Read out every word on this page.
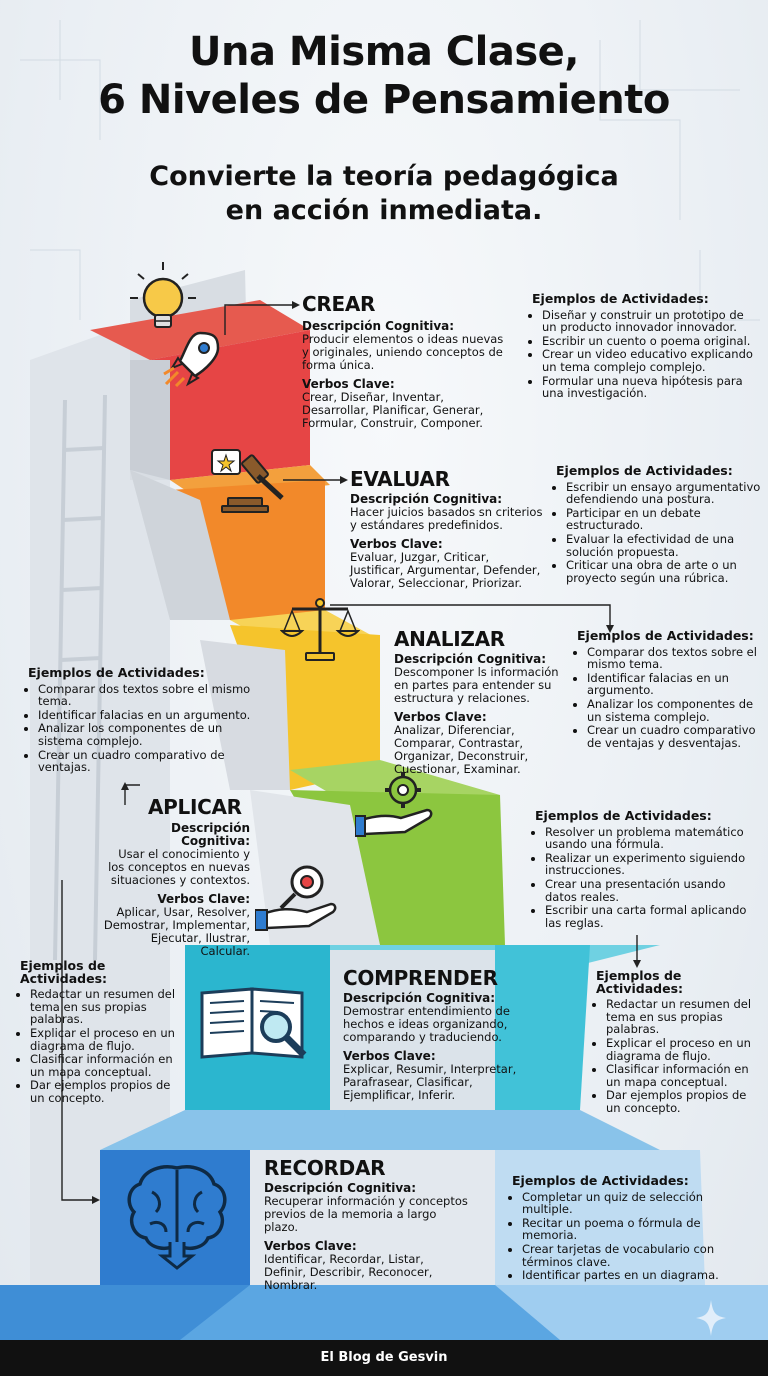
Una Misma Clase,
6 Niveles de Pensamiento
Convierte la teoría pedagógica
en acción inmediata.
CREAR
Descripción Cognitiva:
Producir elementos o ideas nuevas y originales, uniendo conceptos de forma única.
Verbos Clave:
Crear, Diseñar, Inventar, Desarrollar, Planificar, Generar, Formular, Construir, Componer.
Ejemplos de Actividades:
• Diseñar y construir un prototipo de un producto innovador innovador.
• Escribir un cuento o poema original.
• Crear un video educativo explicando un tema complejo complejo.
• Formular una nueva hipótesis para una investigación.
EVALUAR
Descripción Cognitiva:
Hacer juicios basados sn criterios y estándares predefinidos.
Verbos Clave:
Evaluar, Juzgar, Criticar, Justificar, Argumentar, Defender, Valorar, Seleccionar, Priorizar.
Ejemplos de Actividades:
• Escribir un ensayo argumentativo defendiendo una postura.
• Participar en un debate estructurado.
• Evaluar la efectividad de una solución propuesta.
• Criticar una obra de arte o un proyecto según una rúbrica.
ANALIZAR
Descripción Cognitiva:
Descomponer ls información en partes para entender su estructura y relaciones.
Verbos Clave:
Analizar, Diferenciar, Comparar, Contrastar, Organizar, Deconstruir, Cuestionar, Examinar.
Ejemplos de Actividades:
• Comparar dos textos sobre el mismo tema.
• Identificar falacias en un argumento.
• Analizar los componentes de un sistema complejo.
• Crear un cuadro comparativo de ventajas y desventajas.
Ejemplos de Actividades:
• Comparar dos textos sobre el mismo tema.
• Identificar falacias en un argumento.
• Analizar los componentes de un sistema complejo.
• Crear un cuadro comparativo de ventajas.
APLICAR
Descripción Cognitiva:
Usar el conocimiento y los conceptos en nuevas situaciones y contextos.
Verbos Clave:
Aplicar, Usar, Resolver, Demostrar, Implementar, Ejecutar, Ilustrar, Calcular.
Ejemplos de Actividades:
• Resolver un problema matemático usando una fórmula.
• Realizar un experimento siguiendo instrucciones.
• Crear una presentación usando datos reales.
• Escribir una carta formal aplicando las reglas.
COMPRENDER
Descripción Cognitiva:
Demostrar entendimiento de hechos e ideas organizando, comparando y traduciendo.
Verbos Clave:
Explicar, Resumir, Interpretar, Parafrasear, Clasificar, Ejemplificar, Inferir.
Ejemplos de
Actividades:
• Redactar un resumen del tema en sus propias palabras.
• Explicar el proceso en un diagrama de flujo.
• Clasificar información en un mapa conceptual.
• Dar ejemplos propios de un concepto.
Ejemplos de
Actividades:
• Redactar un resumen del tema en sus propias palabras.
• Explicar el proceso en un diagrama de flujo.
• Clasificar información en un mapa conceptual.
• Dar ejemplos propios de un concepto.
RECORDAR
Descripción Cognitiva:
Recuperar información y conceptos previos de la memoria a largo plazo.
Verbos Clave:
Identificar, Recordar, Listar, Definir, Describir, Reconocer, Nombrar.
Ejemplos de Actividades:
• Completar un quiz de selección multiple.
• Recitar un poema o fórmula de memoria.
• Crear tarjetas de vocabulario con términos clave.
• Identificar partes en un diagrama.
El Blog de Gesvin
